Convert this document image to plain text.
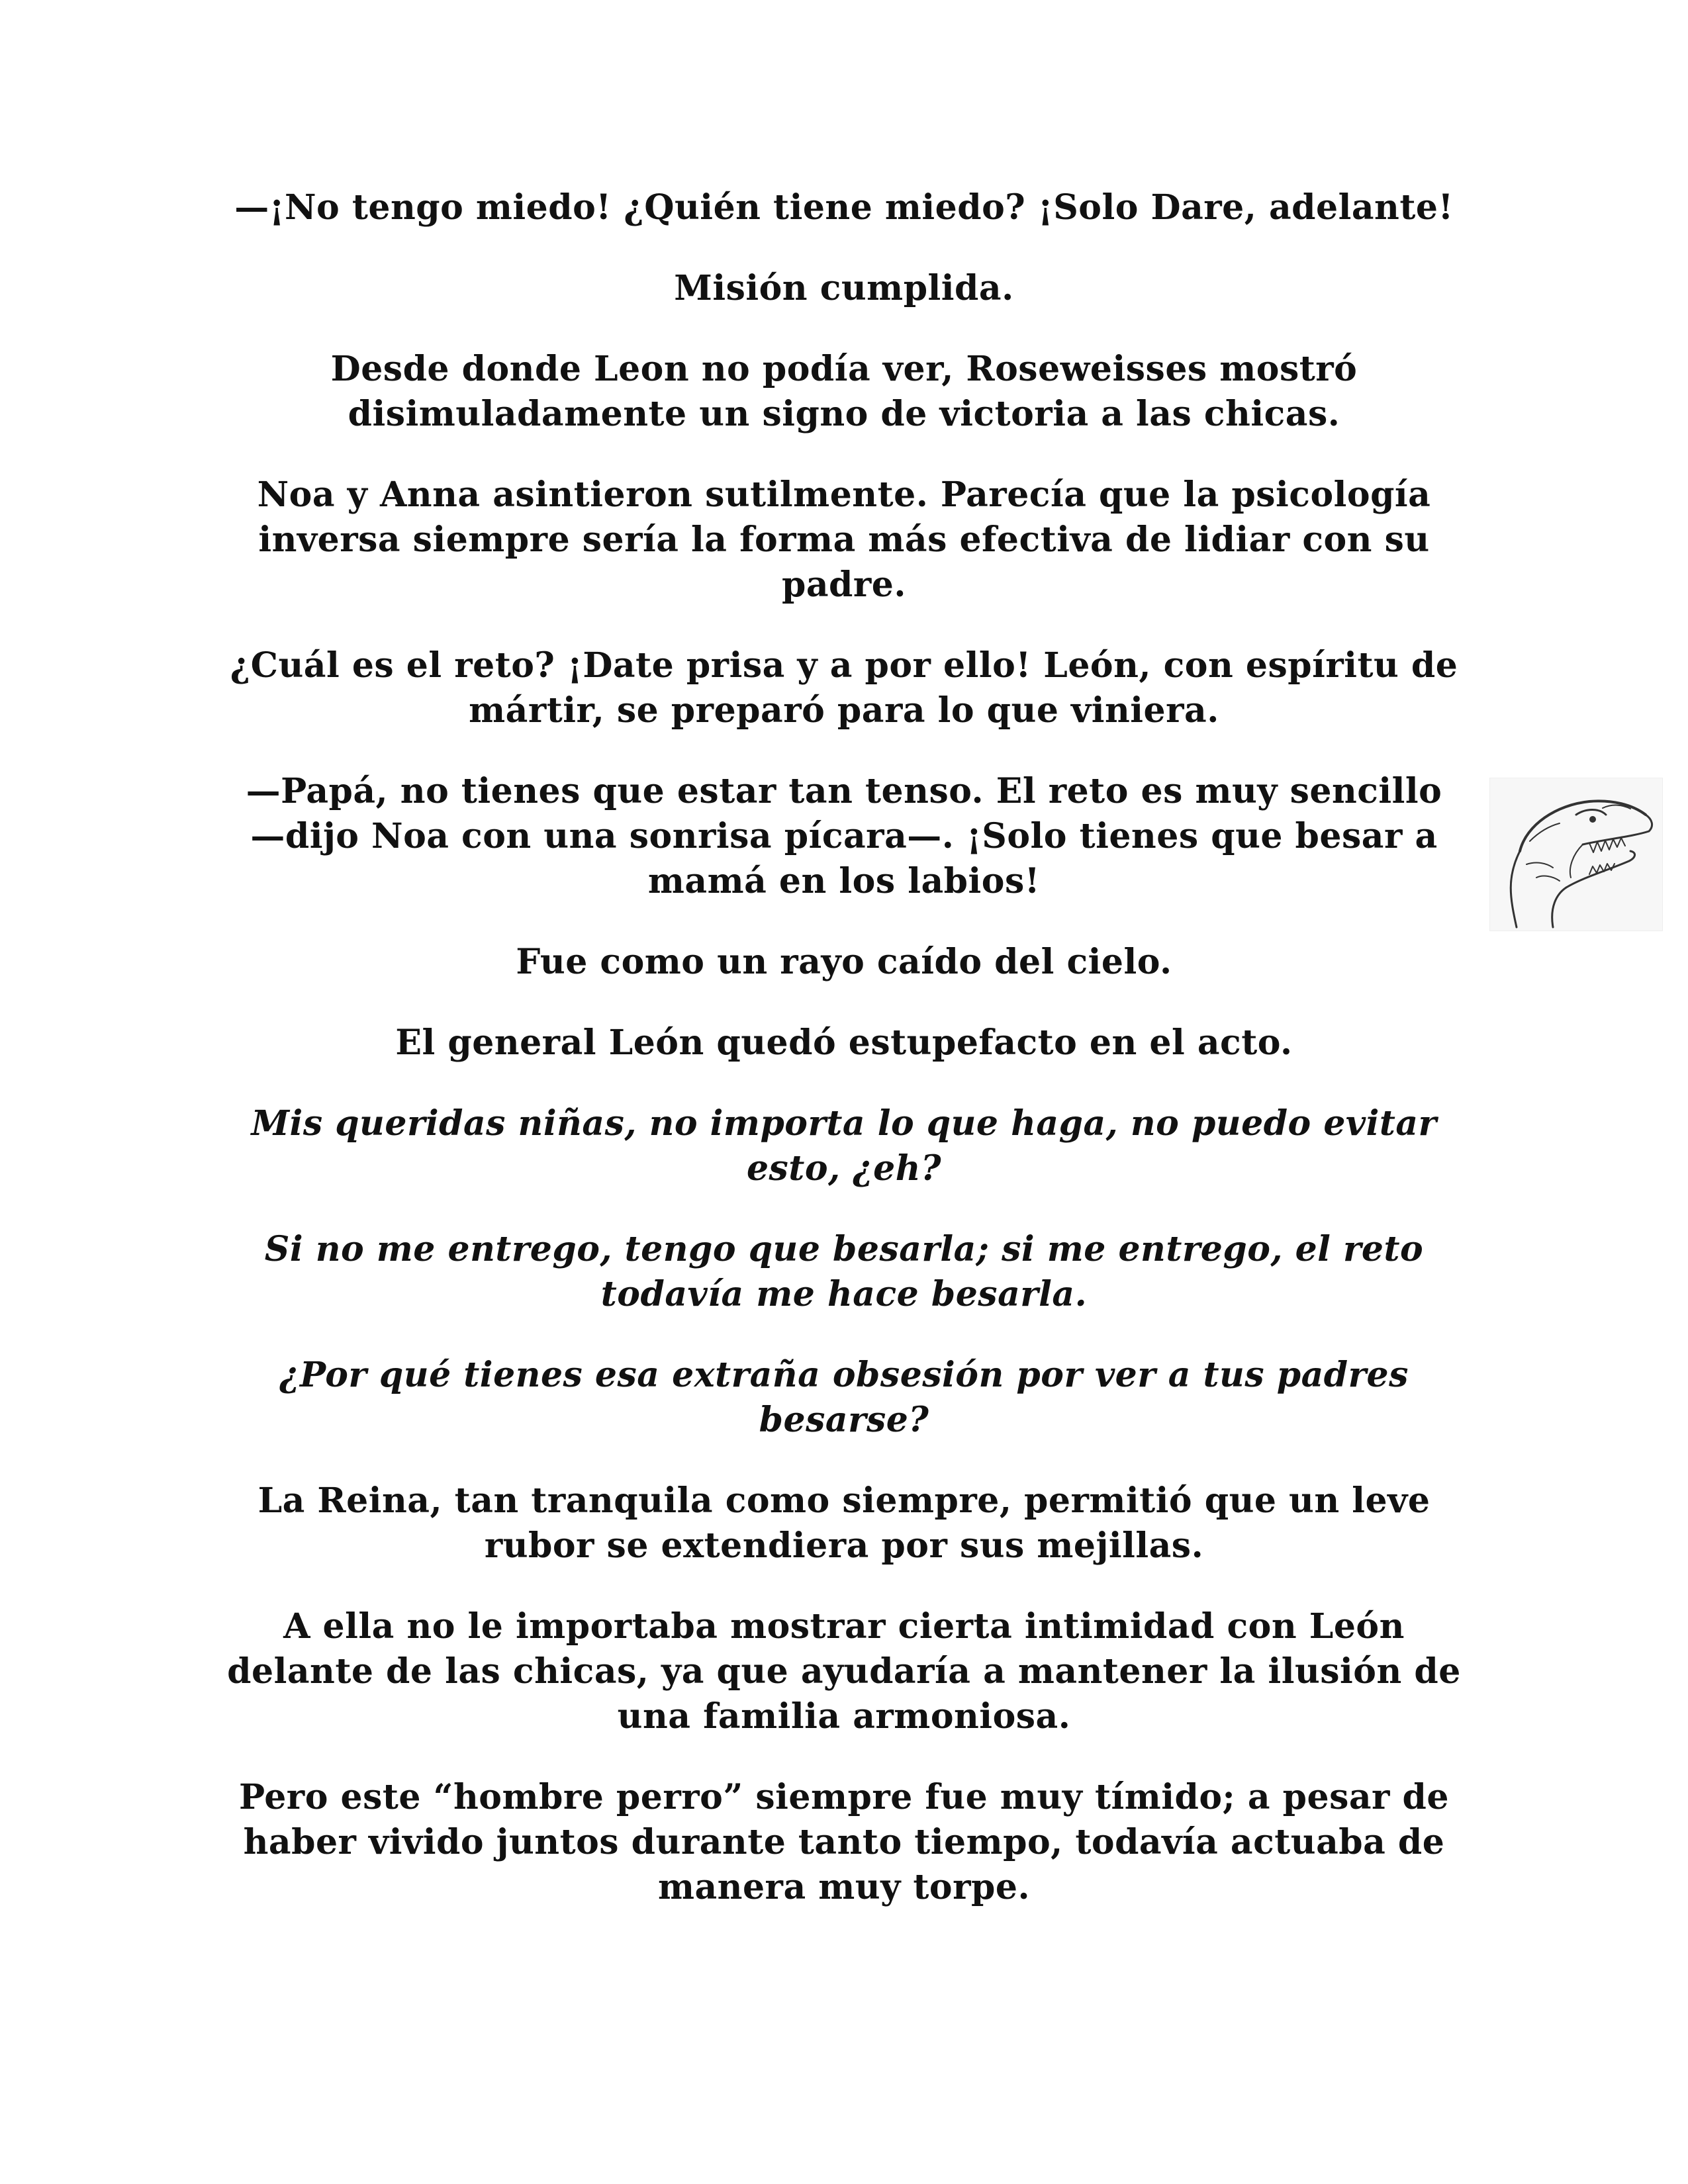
—¡No tengo miedo! ¿Quién tiene miedo? ¡Solo Dare, adelante!

Misión cumplida.

Desde donde Leon no podía ver, Roseweisses mostró disimuladamente un signo de victoria a las chicas.

Noa y Anna asintieron sutilmente. Parecía que la psicología inversa siempre sería la forma más efectiva de lidiar con su padre.

¿Cuál es el reto? ¡Date prisa y a por ello! León, con espíritu de mártir, se preparó para lo que viniera.

—Papá, no tienes que estar tan tenso. El reto es muy sencillo —dijo Noa con una sonrisa pícara—. ¡Solo tienes que besar a mamá en los labios!

Fue como un rayo caído del cielo.

El general León quedó estupefacto en el acto.

Mis queridas niñas, no importa lo que haga, no puedo evitar esto, ¿eh?

Si no me entrego, tengo que besarla; si me entrego, el reto todavía me hace besarla.

¿Por qué tienes esa extraña obsesión por ver a tus padres besarse?

La Reina, tan tranquila como siempre, permitió que un leve rubor se extendiera por sus mejillas.

A ella no le importaba mostrar cierta intimidad con León delante de las chicas, ya que ayudaría a mantener la ilusión de una familia armoniosa.

Pero este “hombre perro” siempre fue muy tímido; a pesar de haber vivido juntos durante tanto tiempo, todavía actuaba de manera muy torpe.
